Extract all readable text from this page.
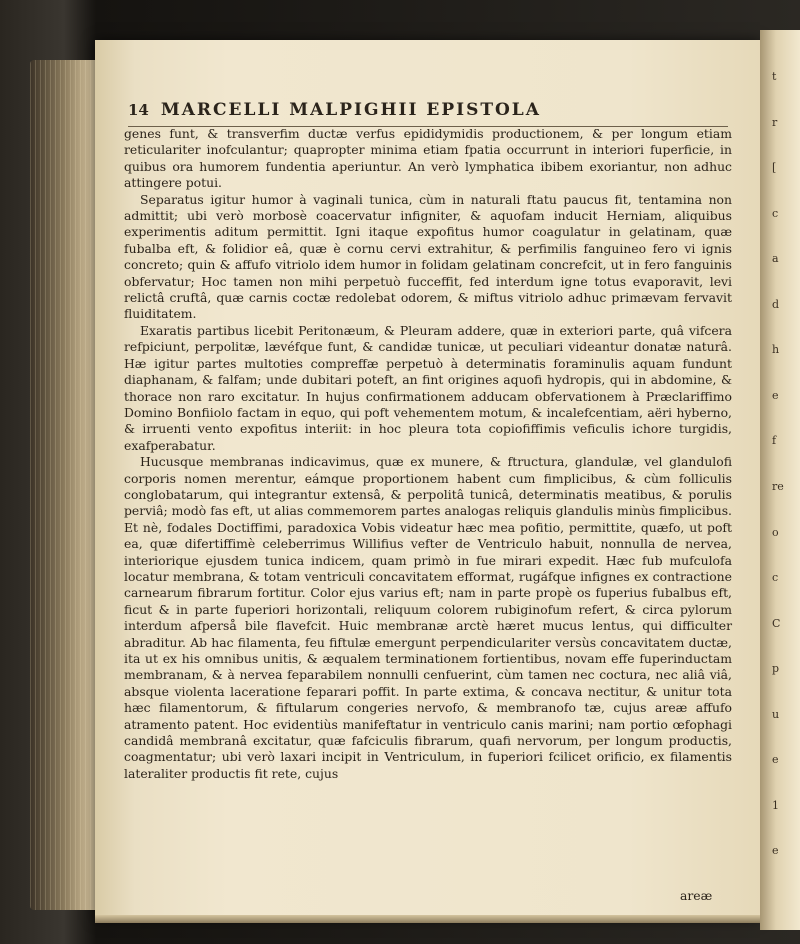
t
r
[
c
a
d
h
e
f
re
o
c
C
p
u
e
1
e
14 MARCELLI MALPIGHII EPISTOLA

genes funt, & transverfim ductæ verfus epididymidis productionem, & per longum etiam reticulariter inofculantur; quapropter minima etiam fpatia occurrunt in interiori fuperficie, in quibus ora humorem fundentia aperiuntur. An verò lymphatica ibibem exoriantur, non adhuc attingere potui.

Separatus igitur humor à vaginali tunica, cùm in naturali ftatu paucus fit, tentamina non admittit; ubi verò morbosè coacervatur infigniter, & aquofam inducit Herniam, aliquibus experimentis aditum permittit. Igni itaque expofitus humor coagulatur in gelatinam, quæ fubalba eft, & folidior eâ, quæ è cornu cervi extrahitur, & perfimilis fanguineo fero vi ignis concreto; quin & affufo vitriolo idem humor in folidam gelatinam concrefcit, ut in fero fanguinis obfervatur; Hoc tamen non mihi perpetuò fucceffit, fed interdum igne totus evaporavit, levi relictâ cruftâ, quæ carnis coctæ redolebat odorem, & miftus vitriolo adhuc primævam fervavit fluiditatem.

Exaratis partibus licebit Peritonæum, & Pleuram addere, quæ in exteriori parte, quâ vifcera refpiciunt, perpolitæ, lævéfque funt, & candidæ tunicæ, ut peculiari videantur donatæ naturâ. Hæ igitur partes multoties compreffæ perpetuò à determinatis foraminulis aquam fundunt diaphanam, & falfam; unde dubitari poteft, an fint origines aquofi hydropis, qui in abdomine, & thorace non raro excitatur. In hujus confirmationem adducam obfervationem à Præclariffimo Domino Bonfiiolo factam in equo, qui poft vehementem motum, & incalefcentiam, aëri hyberno, & irruenti vento expofitus interiit: in hoc pleura tota copiofiffimis veficulis ichore turgidis, exafperabatur.

Hucusque membranas indicavimus, quæ ex munere, & ftructura, glandulæ, vel glandulofi corporis nomen merentur, eámque proportionem habent cum fimplicibus, & cùm folliculis conglobatarum, qui integrantur extensâ, & perpolitâ tunicâ, determinatis meatibus, & porulis perviâ; modò fas eft, ut alias commemorem partes analogas reliquis glandulis minùs fimplicibus. Et nè, fodales Doctiffimi, paradoxica Vobis videatur hæc mea pofitio, permittite, quæfo, ut poft ea, quæ difertiffimè celeberrimus Willifius vefter de Ventriculo habuit, nonnulla de nervea, interiorique ejusdem tunica indicem, quam primò in fue mirari expedit. Hæc fub mufculofa locatur membrana, & totam ventriculi concavitatem efformat, rugáfque infignes ex contractione carnearum fibrarum fortitur. Color ejus varius eft; nam in parte propè os fuperius fubalbus eft, ficut & in parte fuperiori horizontali, reliquum colorem rubiginofum refert, & circa pylorum interdum afperså bile flavefcit. Huic membranæ arctè hæret mucus lentus, qui difficulter abraditur. Ab hac filamenta, feu fiftulæ emergunt perpendiculariter versùs concavitatem ductæ, ita ut ex his omnibus unitis, & æqualem terminationem fortientibus, novam effe fuperinductam membranam, & à nervea feparabilem nonnulli cenfuerint, cùm tamen nec coctura, nec aliâ viâ, absque violenta laceratione feparari poffit. In parte extima, & concava nectitur, & unitur tota hæc filamentorum, & fiftularum congeries nervofo, & membranofo tæ, cujus areæ affufo atramento patent. Hoc evidentiùs manifeftatur in ventriculo canis marini; nam portio œfophagi candidâ membranâ excitatur, quæ fafciculis fibrarum, quafi nervorum, per longum productis, coagmentatur; ubi verò laxari incipit in Ventriculum, in fuperiori fcilicet orificio, ex filamentis lateraliter productis fit rete, cujus

areæ
